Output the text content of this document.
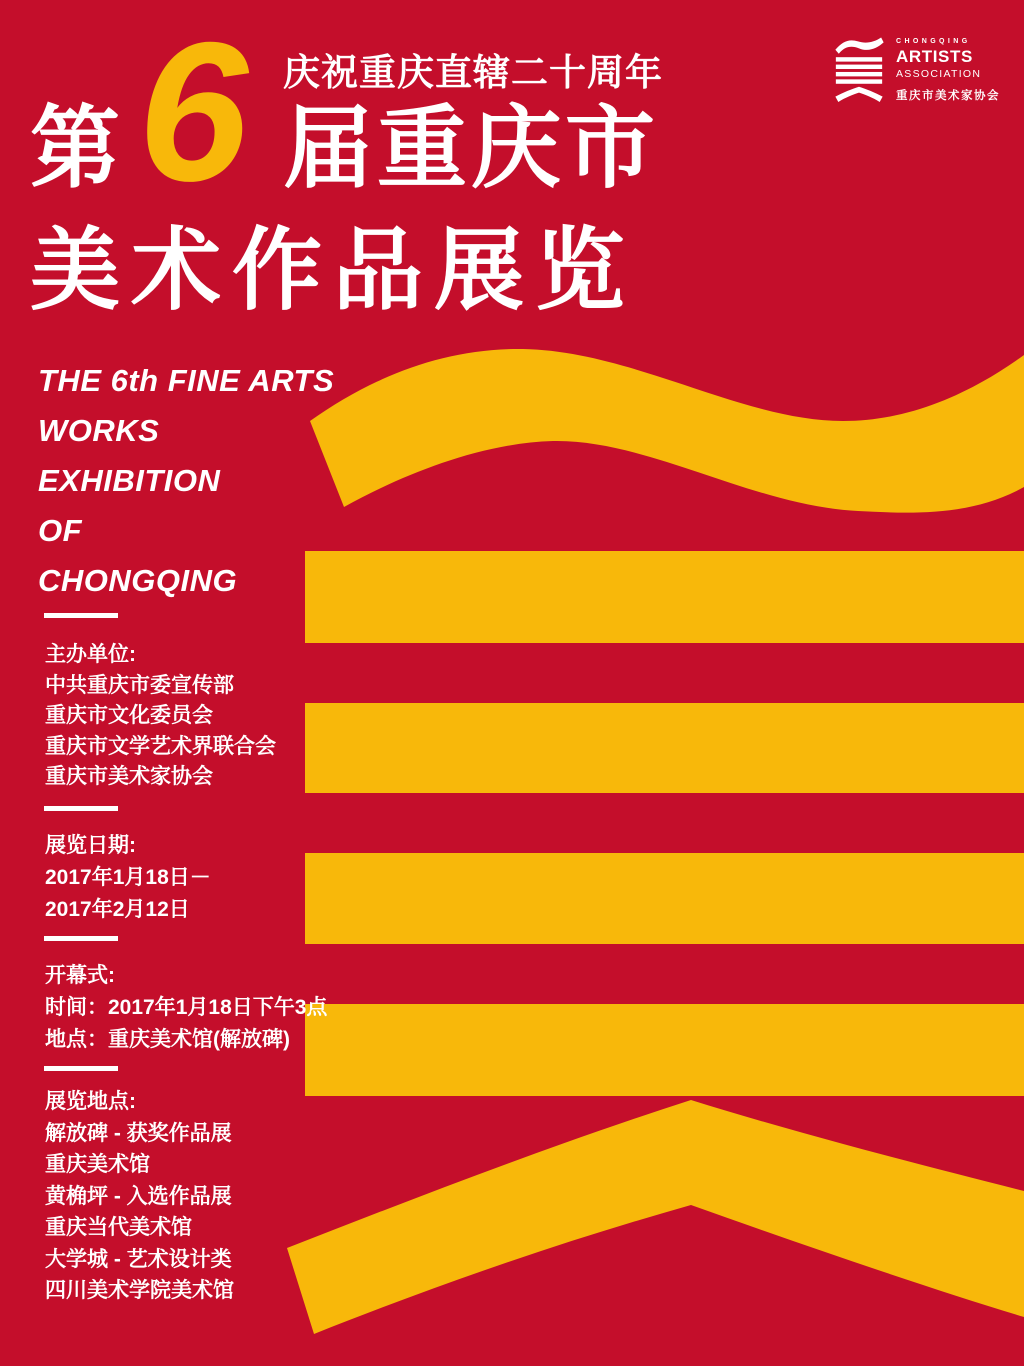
CHONGQING
ARTISTS
ASSOCIATION
重庆市美术家协会
庆祝重庆直辖二十周年
第 6 届重庆市
美术作品展览
THE 6th FINE ARTS
WORKS
EXHIBITION
OF
CHONGQING
主办单位:
中共重庆市委宣传部
重庆市文化委员会
重庆市文学艺术界联合会
重庆市美术家协会
展览日期:
2017年1月18日－
2017年2月12日
开幕式:
时间：2017年1月18日下午3点
地点：重庆美术馆(解放碑)
展览地点:
解放碑 - 获奖作品展
重庆美术馆
黄桷坪 - 入选作品展
重庆当代美术馆
大学城 - 艺术设计类
四川美术学院美术馆
